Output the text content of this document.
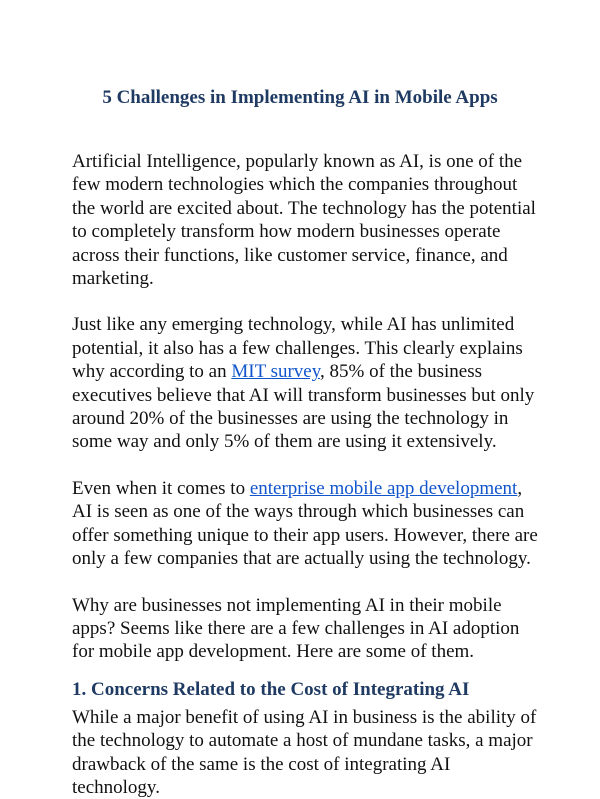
5 Challenges in Implementing AI in Mobile Apps

Artificial Intelligence, popularly known as AI, is one of the few modern technologies which the companies throughout the world are excited about. The technology has the potential to completely transform how modern businesses operate across their functions, like customer service, finance, and marketing.

Just like any emerging technology, while AI has unlimited potential, it also has a few challenges. This clearly explains why according to an MIT survey, 85% of the business executives believe that AI will transform businesses but only around 20% of the businesses are using the technology in some way and only 5% of them are using it extensively.

Even when it comes to enterprise mobile app development, AI is seen as one of the ways through which businesses can offer something unique to their app users. However, there are only a few companies that are actually using the technology.

Why are businesses not implementing AI in their mobile apps? Seems like there are a few challenges in AI adoption for mobile app development. Here are some of them.

1. Concerns Related to the Cost of Integrating AI

While a major benefit of using AI in business is the ability of the technology to automate a host of mundane tasks, a major drawback of the same is the cost of integrating AI technology.
